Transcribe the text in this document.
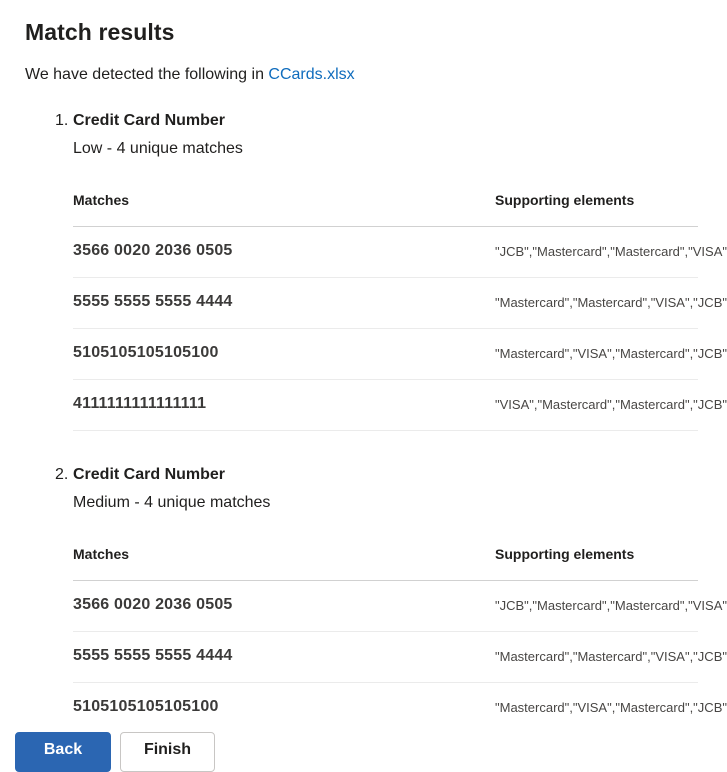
Match results
We have detected the following in CCards.xlsx
1. Credit Card Number
Low - 4 unique matches
Matches	Supporting elements
3566 0020 2036 0505	"JCB","Mastercard","Mastercard","VISA"
5555 5555 5555 4444	"Mastercard","Mastercard","VISA","JCB"
5105105105105100	"Mastercard","VISA","Mastercard","JCB"
4111111111111111	"VISA","Mastercard","Mastercard","JCB"
2. Credit Card Number
Medium - 4 unique matches
Matches	Supporting elements
3566 0020 2036 0505	"JCB","Mastercard","Mastercard","VISA"
5555 5555 5555 4444	"Mastercard","Mastercard","VISA","JCB"
5105105105105100	"Mastercard","VISA","Mastercard","JCB"
Back	Finish
